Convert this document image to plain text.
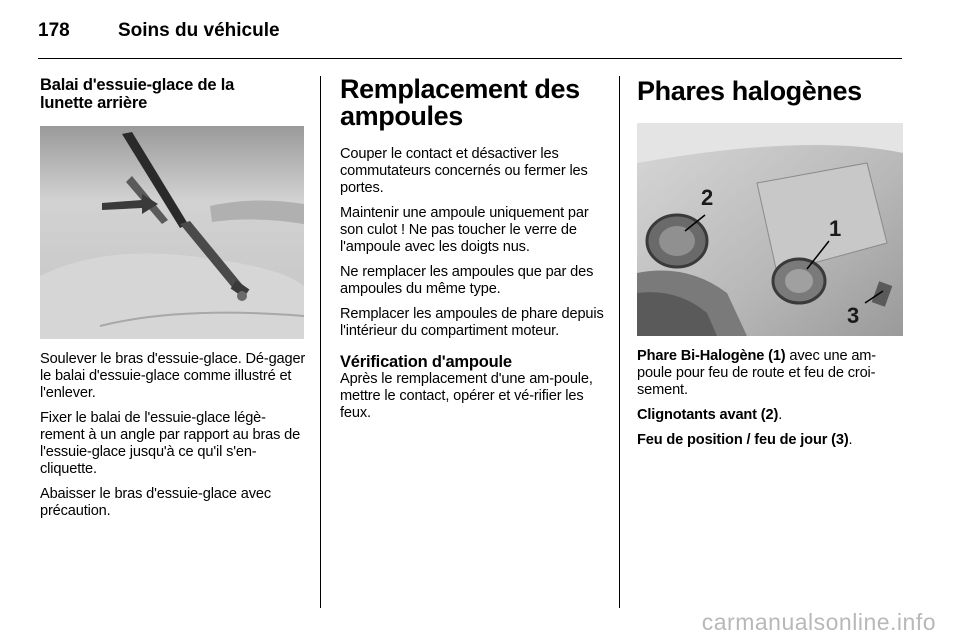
178	Soins du véhicule
Balai d'essuie-glace de la
lunette arrière

Soulever le bras d'essuie-glace. Dé-gager le balai d'essuie-glace comme illustré et l'enlever.

Fixer le balai de l'essuie-glace légè-rement à un angle par rapport au bras de l'essuie-glace jusqu'à ce qu'il s'en-cliquette.

Abaisser le bras d'essuie-glace avec précaution.

Remplacement des
ampoules

Couper le contact et désactiver les commutateurs concernés ou fermer les portes.

Maintenir une ampoule uniquement par son culot ! Ne pas toucher le verre de l'ampoule avec les doigts nus.

Ne remplacer les ampoules que par des ampoules du même type.

Remplacer les ampoules de phare depuis l'intérieur du compartiment moteur.

Vérification d'ampoule

Après le remplacement d'une am-poule, mettre le contact, opérer et vé-rifier les feux.

Phares halogènes
2
1
3

Phare Bi-Halogène (1) avec une am-poule pour feu de route et feu de croi-sement.

Clignotants avant (2).

Feu de position / feu de jour (3).

carmanualsonline.info
